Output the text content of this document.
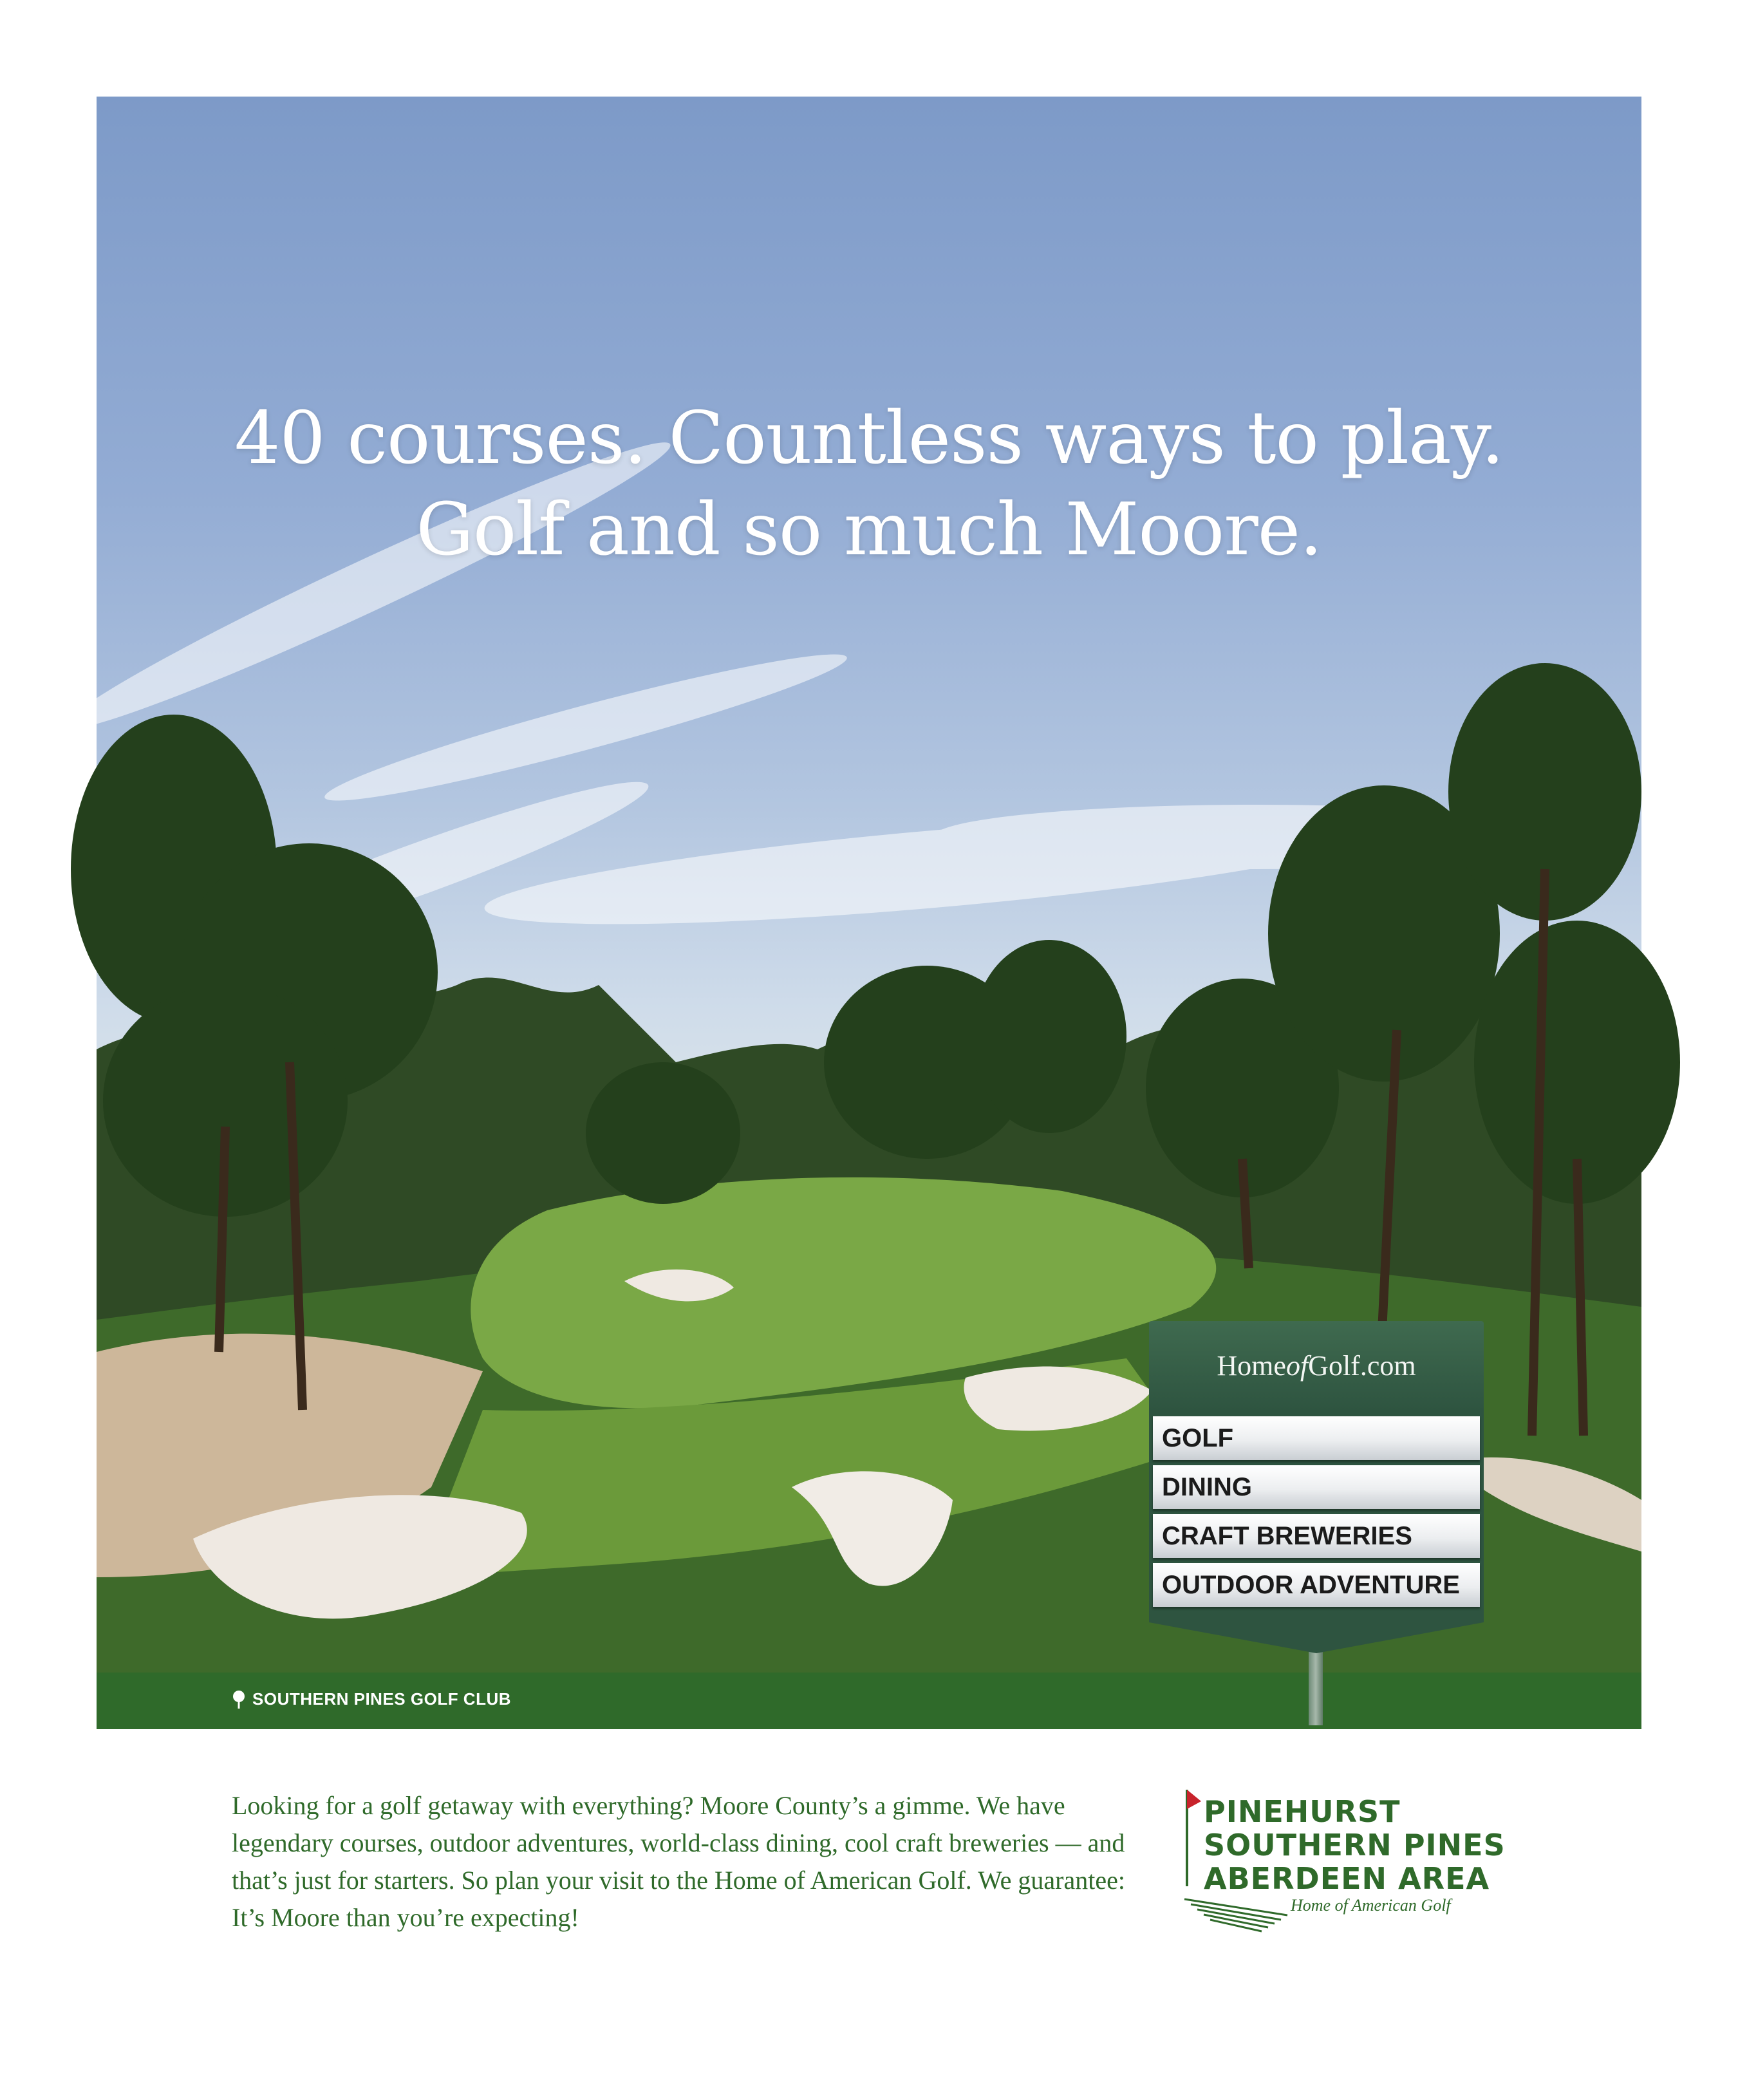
40 courses. Countless ways to play.
Golf and so much Moore.
SOUTHERN PINES GOLF CLUB
HomeofGolf.com
GOLF
DINING
CRAFT BREWERIES
OUTDOOR ADVENTURE
Looking for a golf getaway with everything? Moore County’s a gimme. We have legendary courses, outdoor adventures, world-class dining, cool craft breweries — and that’s just for starters. So plan your visit to the Home of American Golf. We guarantee: It’s Moore than you’re expecting!
PINEHURST
SOUTHERN PINES
ABERDEEN AREA
Home of American Golf
